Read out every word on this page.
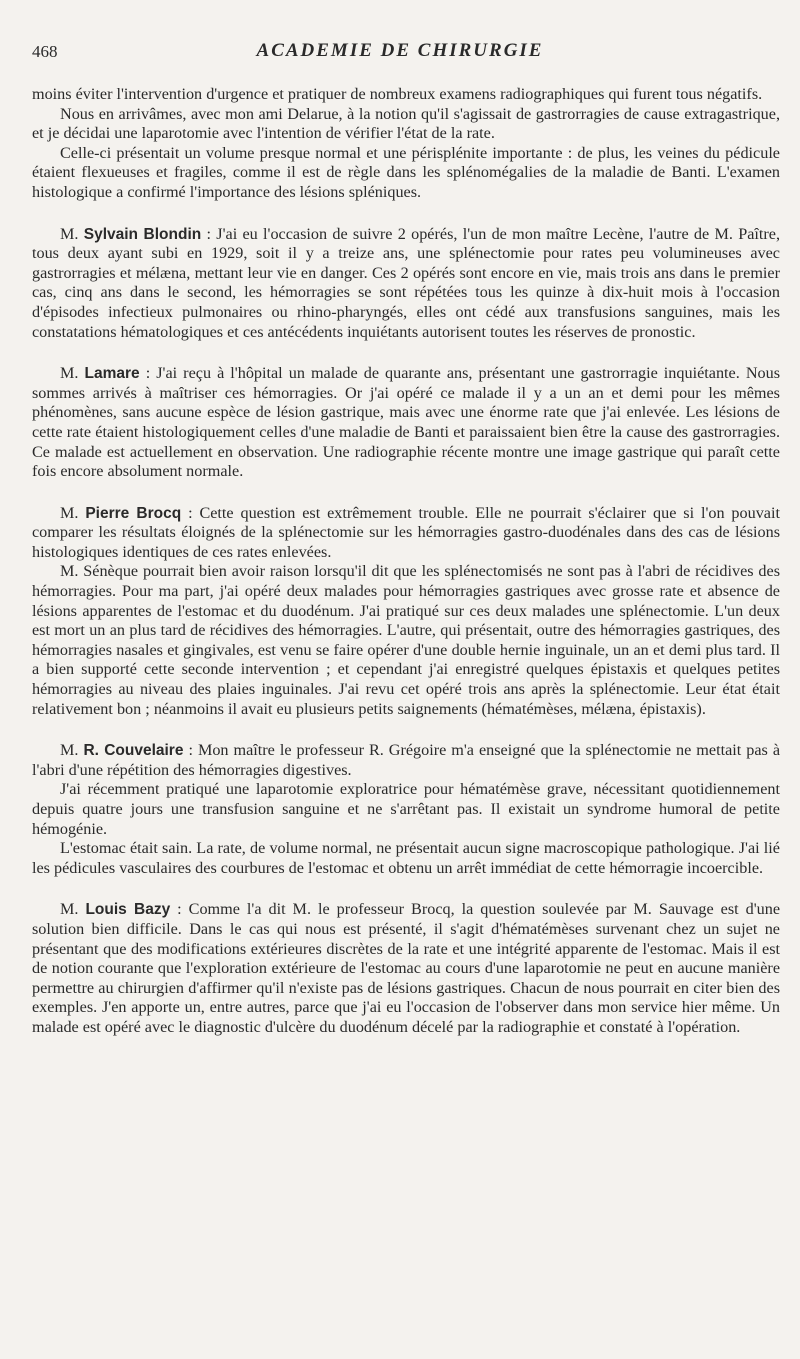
468	ACADEMIE DE CHIRURGIE

moins éviter l'intervention d'urgence et pratiquer de nombreux examens radiographiques qui furent tous négatifs.

Nous en arrivâmes, avec mon ami Delarue, à la notion qu'il s'agissait de gastrorragies de cause extragastrique, et je décidai une laparotomie avec l'intention de vérifier l'état de la rate.

Celle-ci présentait un volume presque normal et une périsplénite importante : de plus, les veines du pédicule étaient flexueuses et fragiles, comme il est de règle dans les splénomégalies de la maladie de Banti. L'examen histologique a confirmé l'importance des lésions spléniques.

M. Sylvain Blondin : J'ai eu l'occasion de suivre 2 opérés, l'un de mon maître Lecène, l'autre de M. Paître, tous deux ayant subi en 1929, soit il y a treize ans, une splénectomie pour rates peu volumineuses avec gastrorragies et mélæna, mettant leur vie en danger. Ces 2 opérés sont encore en vie, mais trois ans dans le premier cas, cinq ans dans le second, les hémorragies se sont répétées tous les quinze à dix-huit mois à l'occasion d'épisodes infectieux pulmonaires ou rhino-pharyngés, elles ont cédé aux transfusions sanguines, mais les constatations hématologiques et ces antécédents inquiétants autorisent toutes les réserves de pronostic.

M. Lamare : J'ai reçu à l'hôpital un malade de quarante ans, présentant une gastrorragie inquiétante. Nous sommes arrivés à maîtriser ces hémorragies. Or j'ai opéré ce malade il y a un an et demi pour les mêmes phénomènes, sans aucune espèce de lésion gastrique, mais avec une énorme rate que j'ai enlevée. Les lésions de cette rate étaient histologiquement celles d'une maladie de Banti et paraissaient bien être la cause des gastrorragies. Ce malade est actuellement en observation. Une radiographie récente montre une image gastrique qui paraît cette fois encore absolument normale.

M. Pierre Brocq : Cette question est extrêmement trouble. Elle ne pourrait s'éclairer que si l'on pouvait comparer les résultats éloignés de la splénectomie sur les hémorragies gastro-duodénales dans des cas de lésions histologiques identiques de ces rates enlevées.

M. Sénèque pourrait bien avoir raison lorsqu'il dit que les splénectomisés ne sont pas à l'abri de récidives des hémorragies. Pour ma part, j'ai opéré deux malades pour hémorragies gastriques avec grosse rate et absence de lésions apparentes de l'estomac et du duodénum. J'ai pratiqué sur ces deux malades une splénectomie. L'un deux est mort un an plus tard de récidives des hémorragies. L'autre, qui présentait, outre des hémorragies gastriques, des hémorragies nasales et gingivales, est venu se faire opérer d'une double hernie inguinale, un an et demi plus tard. Il a bien supporté cette seconde intervention ; et cependant j'ai enregistré quelques épistaxis et quelques petites hémorragies au niveau des plaies inguinales. J'ai revu cet opéré trois ans après la splénectomie. Leur état était relativement bon ; néanmoins il avait eu plusieurs petits saignements (hématémèses, mélæna, épistaxis).

M. R. Couvelaire : Mon maître le professeur R. Grégoire m'a enseigné que la splénectomie ne mettait pas à l'abri d'une répétition des hémorragies digestives.

J'ai récemment pratiqué une laparotomie exploratrice pour hématémèse grave, nécessitant quotidiennement depuis quatre jours une transfusion sanguine et ne s'arrêtant pas. Il existait un syndrome humoral de petite hémogénie.

L'estomac était sain. La rate, de volume normal, ne présentait aucun signe macroscopique pathologique. J'ai lié les pédicules vasculaires des courbures de l'estomac et obtenu un arrêt immédiat de cette hémorragie incoercible.

M. Louis Bazy : Comme l'a dit M. le professeur Brocq, la question soulevée par M. Sauvage est d'une solution bien difficile. Dans le cas qui nous est présenté, il s'agit d'hématémèses survenant chez un sujet ne présentant que des modifications extérieures discrètes de la rate et une intégrité apparente de l'estomac. Mais il est de notion courante que l'exploration extérieure de l'estomac au cours d'une laparotomie ne peut en aucune manière permettre au chirurgien d'affirmer qu'il n'existe pas de lésions gastriques. Chacun de nous pourrait en citer bien des exemples. J'en apporte un, entre autres, parce que j'ai eu l'occasion de l'observer dans mon service hier même. Un malade est opéré avec le diagnostic d'ulcère du duodénum décelé par la radiographie et constaté à l'opération.
